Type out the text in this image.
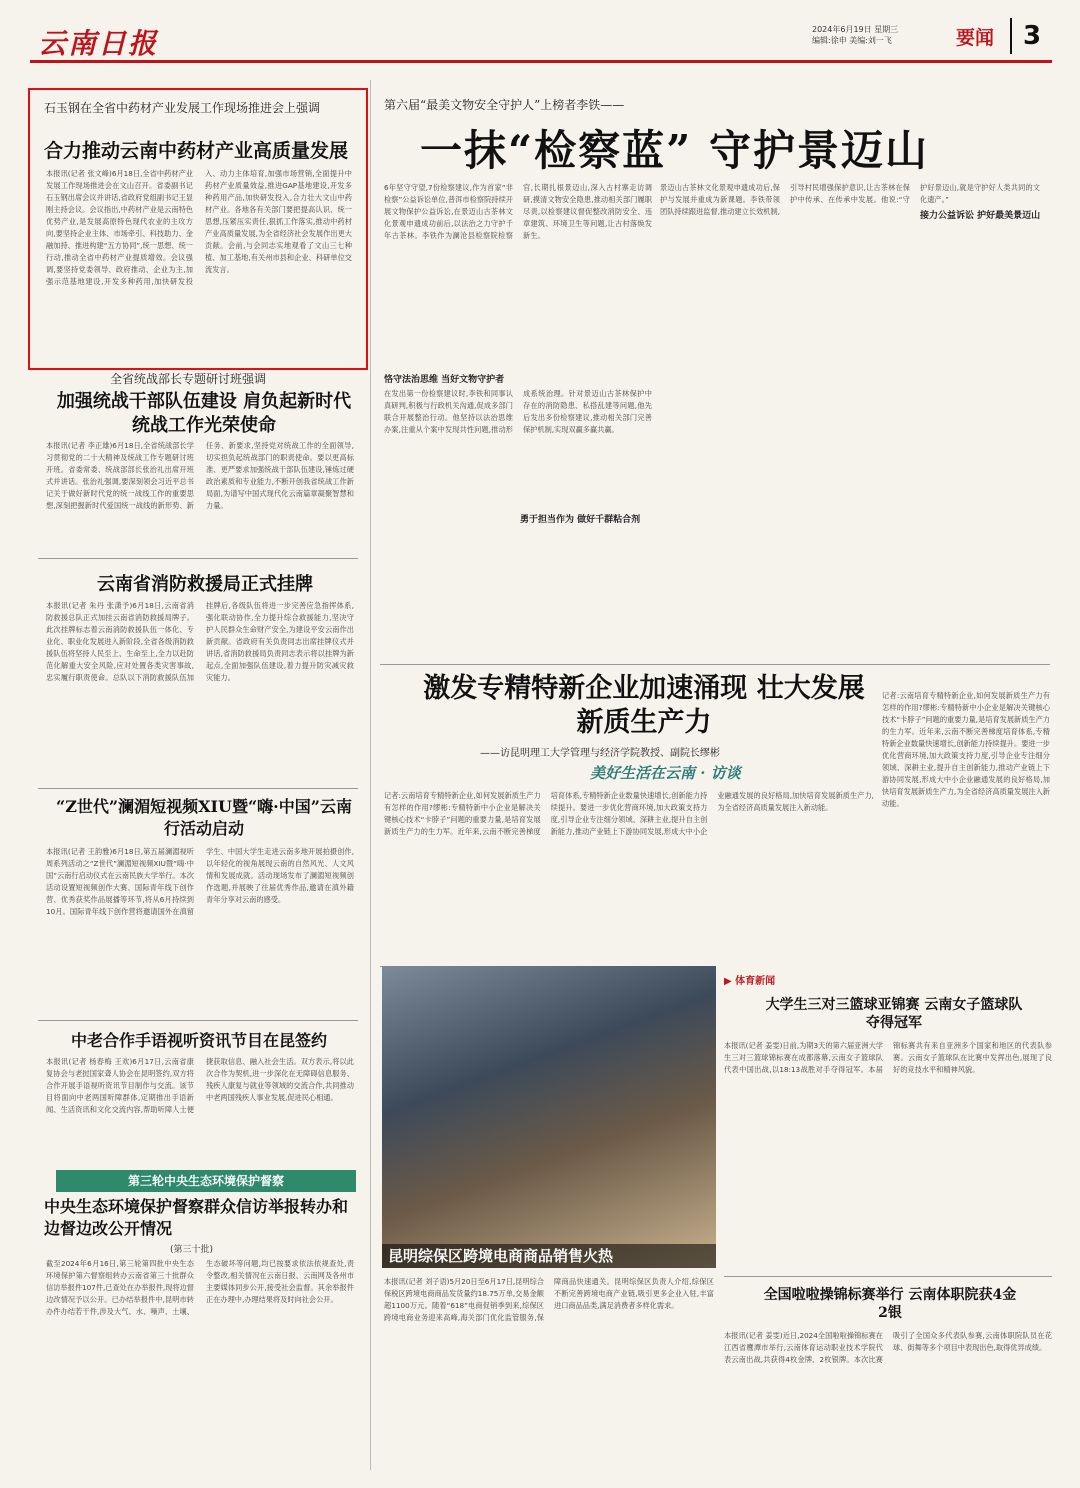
云南日报	2024年6月19日 星期三
编辑:徐申 美编:刘一飞	要闻	3
石玉钢在全省中药材产业发展工作现场推进会上强调
合力推动云南中药材产业高质量发展
本报讯(记者 张文峰)6月18日,全省中药材产业发展工作现场推进会在文山召开。省委副书记石玉钢出席会议并讲话,省政府党组副书记王显刚主持会议。会议指出,中药材产业是云南特色优势产业,是发展高原特色现代农业的主攻方向,要坚持企业主体、市场牵引、科技助力、金融加持、推进构建“五方协同”,统一思想、统一行动,推动全省中药材产业提质增效。会议强调,要坚持党委领导、政府推动、企业为主,加强示范基地建设,开发多种药用,加快研发投入、动力主体培育,加强市场营销,全面提升中药材产业质量效益,推进GAP基地建设,开发多种药用产品,加快研发投入,合力壮大文山中药材产业。各地各有关部门要把提高认识、统一思想,压紧压实责任,狠抓工作落实,推动中药材产业高质量发展,为全省经济社会发展作出更大贡献。会前,与会同志实地观看了文山三七种植、加工基地,有关州市县和企业、科研单位交流发言。
全省统战部长专题研讨班强调
加强统战干部队伍建设 肩负起新时代统战工作光荣使命
本报讯(记者 李正雄)6月18日,全省统战部长学习贯彻党的二十大精神及统战工作专题研讨班开班。省委常委、统战部部长张治礼出席开班式并讲话。张治礼强调,要深刻领会习近平总书记关于做好新时代党的统一战线工作的重要思想,深刻把握新时代爱国统一战线的新形势、新任务、新要求,坚持党对统战工作的全面领导,切实担负起统战部门的职责使命。要以更高标准、更严要求加强统战干部队伍建设,锤炼过硬政治素质和专业能力,不断开创我省统战工作新局面,为谱写中国式现代化云南篇章凝聚智慧和力量。
云南省消防救援局正式挂牌
本报讯(记者 朱丹 张潇予)6月18日,云南省消防救援总队正式加挂云南省消防救援局牌子。此次挂牌标志着云南消防救援队伍一体化、专业化、职业化发展进入新阶段,全省各级消防救援队伍将坚持人民至上、生命至上,全力以赴防范化解重大安全风险,应对处置各类灾害事故,忠实履行职责使命。总队以下消防救援队伍加挂牌后,各级队伍将进一步完善应急指挥体系,强化联动协作,全力提升综合救援能力,坚决守护人民群众生命财产安全,为建设平安云南作出新贡献。省政府有关负责同志出席挂牌仪式并讲话,省消防救援局负责同志表示将以挂牌为新起点,全面加强队伍建设,着力提升防灾减灾救灾能力。
“Z世代”澜湄短视频XIU暨“嗨·中国”云南行活动启动
本报讯(记者 王韵雅)6月18日,第五届澜湄视听周系列活动之“Z世代”澜湄短视频XIU暨“嗨·中国”云南行启动仪式在云南民族大学举行。本次活动设置短视频创作大赛、国际青年线下创作营、优秀获奖作品展播等环节,将从6月持续到10月。国际青年线下创作营将邀请国外在滇留学生、中国大学生走进云南多地开展拍摄创作,以年轻化的视角展现云南的自然风光、人文风情和发展成就。活动现场发布了澜湄短视频创作选题,并展映了往届优秀作品,邀请在滇外籍青年分享对云南的感受。
中老合作手语视听资讯节目在昆签约
本报讯(记者 杨春梅 王欢)6月17日,云南省康复协会与老挝国家聋人协会在昆明签约,双方将合作开展手语视听资讯节目制作与交流。该节目将面向中老两国听障群体,定期推出手语新闻、生活资讯和文化交流内容,帮助听障人士便捷获取信息、融入社会生活。双方表示,将以此次合作为契机,进一步深化在无障碍信息服务、残疾人康复与就业等领域的交流合作,共同推动中老两国残疾人事业发展,促进民心相通。
第三轮中央生态环境保护督察
中央生态环境保护督察群众信访举报转办和边督边改公开情况
(第三十批)
截至2024年6月16日,第三轮第四批中央生态环境保护第六督察组转办云南省第三十批群众信访举报件107件,已查处在办举报件,现将边督边改情况予以公开。已办结举报件中,昆明市转办件办结若干件,涉及大气、水、噪声、土壤、生态破坏等问题,均已按要求依法依规查处,责令整改,相关情况在云南日报、云南网及各州市主要媒体同步公开,接受社会监督。其余举报件正在办理中,办理结果将及时向社会公开。
第六届“最美文物安全守护人”上榜者李铁——
一抹“检察蓝” 守护景迈山
6年坚守守望,7份检察建议,作为首家“非检察”公益诉讼单位,普洱市检察院持续开展文物保护公益诉讼,在景迈山古茶林文化景观申遗成功前后,以法治之力守护千年古茶林。李铁作为澜沧县检察院检察官,长期扎根景迈山,深入古村寨走访调研,摸清文物安全隐患,推动相关部门履职尽责,以检察建议督促整改消防安全、违章建筑、环境卫生等问题,让古村落焕发新生。
恪守法治思维 当好文物守护者
在发出第一份检察建议时,李铁和同事认真研判,积极与行政机关沟通,促成多部门联合开展整治行动。他坚持以法治思维办案,注重从个案中发现共性问题,推动形成系统治理。针对景迈山古茶林保护中存在的消防隐患、私搭乱建等问题,他先后发出多份检察建议,推动相关部门完善保护机制,实现双赢多赢共赢。
勇于担当作为 做好千群粘合剂
景迈山古茶林文化景观申遗成功后,保护与发展并重成为新课题。李铁带领团队持续跟进监督,推动建立长效机制,引导村民增强保护意识,让古茶林在保护中传承、在传承中发展。他说:“守护好景迈山,就是守护好人类共同的文化遗产。”
接力公益诉讼 护好最美景迈山
激发专精特新企业加速涌现 壮大发展新质生产力
——访昆明理工大学管理与经济学院教授、副院长缪彬
美好生活在云南 · 访谈
记者:云南培育专精特新企业,如何发展新质生产力有怎样的作用?缪彬:专精特新中小企业是解决关键核心技术“卡脖子”问题的重要力量,是培育发展新质生产力的生力军。近年来,云南不断完善梯度培育体系,专精特新企业数量快速增长,创新能力持续提升。要进一步优化营商环境,加大政策支持力度,引导企业专注细分领域、深耕主业,提升自主创新能力,推动产业链上下游协同发展,形成大中小企业融通发展的良好格局,加快培育发展新质生产力,为全省经济高质量发展注入新动能。
记者:云南培育专精特新企业,如何发展新质生产力有怎样的作用?缪彬:专精特新中小企业是解决关键核心技术“卡脖子”问题的重要力量,是培育发展新质生产力的生力军。近年来,云南不断完善梯度培育体系,专精特新企业数量快速增长,创新能力持续提升。要进一步优化营商环境,加大政策支持力度,引导企业专注细分领域、深耕主业,提升自主创新能力,推动产业链上下游协同发展,形成大中小企业融通发展的良好格局,加快培育发展新质生产力,为全省经济高质量发展注入新动能。
昆明综保区跨境电商商品销售火热
本报讯(记者 刘子语)5月20日至6月17日,昆明综合保税区跨境电商商品发货量约18.75万单,交易金额超1100万元。随着“618”电商促销季到来,综保区跨境电商业务迎来高峰,海关部门优化监管服务,保障商品快速通关。昆明综保区负责人介绍,综保区不断完善跨境电商产业链,吸引更多企业入驻,丰富进口商品品类,满足消费者多样化需求。
▶ 体育新闻
大学生三对三篮球亚锦赛 云南女子篮球队夺得冠军
本报讯(记者 姜雯)日前,为期3天的第六届亚洲大学生三对三篮球锦标赛在成都落幕,云南女子篮球队代表中国出战,以18:13战胜对手夺得冠军。本届锦标赛共有来自亚洲多个国家和地区的代表队参赛。云南女子篮球队在比赛中发挥出色,展现了良好的竞技水平和精神风貌。
全国啦啦操锦标赛举行 云南体职院获4金2银
本报讯(记者 姜雯)近日,2024全国啦啦操锦标赛在江西省鹰潭市举行,云南体育运动职业技术学院代表云南出战,共获得4枚金牌、2枚银牌。本次比赛吸引了全国众多代表队参赛,云南体职院队员在花球、街舞等多个项目中表现出色,取得优异成绩。
